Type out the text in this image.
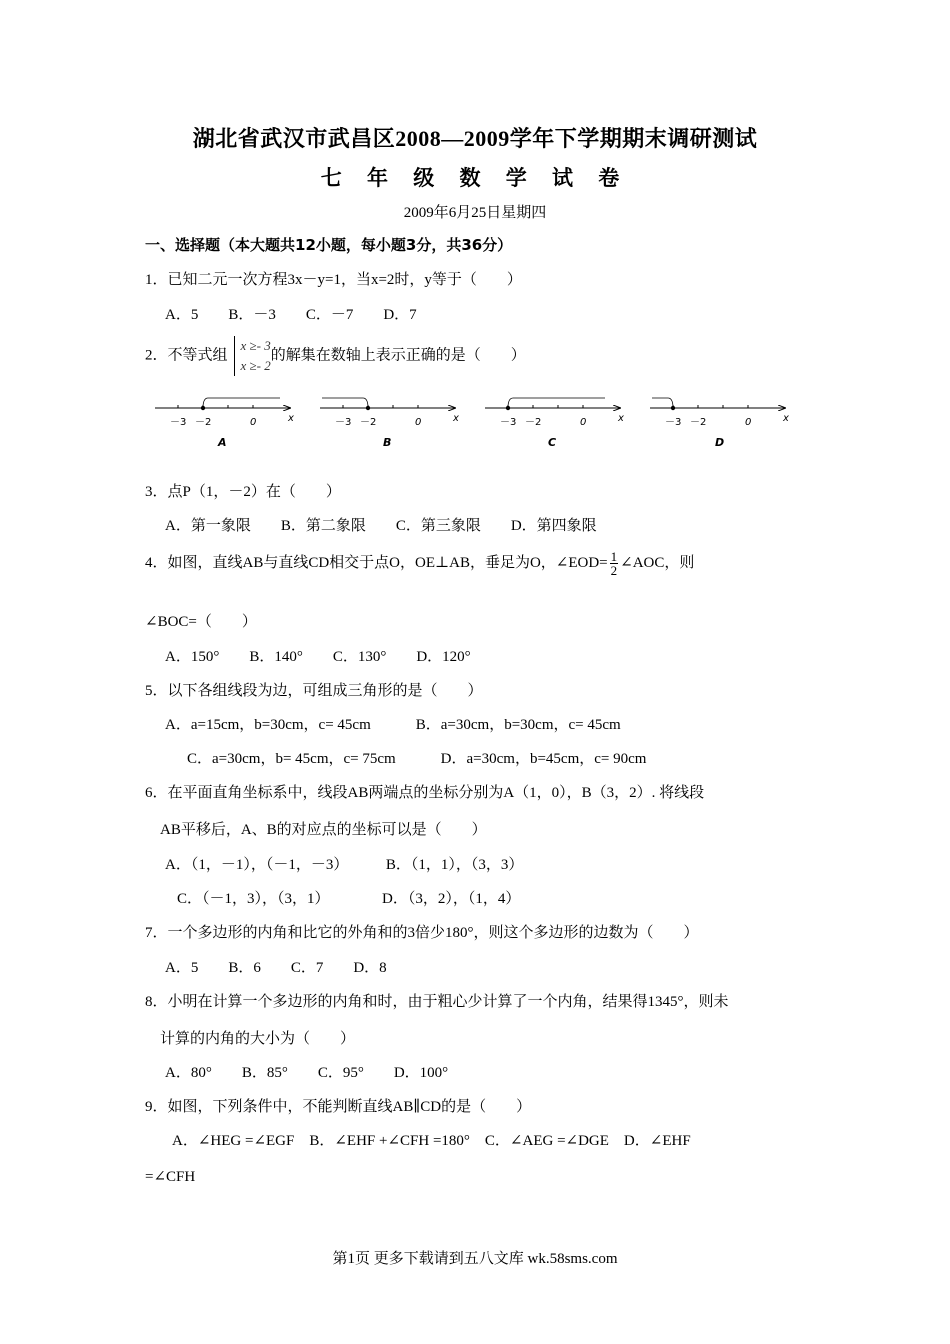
湖北省武汉市武昌区2008—2009学年下学期期末调研测试
七 年 级 数 学 试 卷
2009年6月25日星期四
一、选择题（本大题共12小题，每小题3分，共36分）
1．已知二元一次方程3x－y=1，当x=2时，y等于（　　）
A．5　　B．－3　　C．－7　　D．7
2．不等式组
x ≥- 3
x ≥- 2
的解集在数轴上表示正确的是（　　）
－3 －2	0	x
A
－3 －2	0	x
B
－3 －2	0	x
C
－3 －2	0	x
D
3．点P（1，－2）在（　　）
A．第一象限　　B．第二象限　　C．第三象限　　D．第四象限
4．如图，直线AB与直线CD相交于点O，OE⊥AB，垂足为O，∠EOD= $\frac{1}{2}$ ∠AOC，则
∠BOC=（　　）
A．150°　　B．140°　　C．130°　　D．120°
5．以下各组线段为边，可组成三角形的是（　　）
A．a=15cm，b=30cm，c= 45cm　　　B．a=30cm，b=30cm，c= 45cm
C．a=30cm，b= 45cm，c= 75cm　　　D．a=30cm，b=45cm，c= 90cm
6．在平面直角坐标系中，线段AB两端点的坐标分别为A（1，0），B（3，2）. 将线段
AB平移后，A、B的对应点的坐标可以是（　　）
A．（1，－1），（－1，－3）　　　B．（1，1），（3，3）
C．（－1，3），（3，1）　　　　D．（3，2），（1，4）
7．一个多边形的内角和比它的外角和的3倍少180°，则这个多边形的边数为（　　）
A．5　　B．6　　C．7　　D．8
8．小明在计算一个多边形的内角和时，由于粗心少计算了一个内角，结果得1345°，则未
计算的内角的大小为（　　）
A．80°　　B．85°　　C．95°　　D．100°
9．如图，下列条件中，不能判断直线AB∥CD的是（　　）
A．∠HEG =∠EGF　B．∠EHF +∠CFH =180°　C．∠AEG =∠DGE　D．∠EHF
=∠CFH
第1页 更多下载请到五八文库 wk.58sms.com
